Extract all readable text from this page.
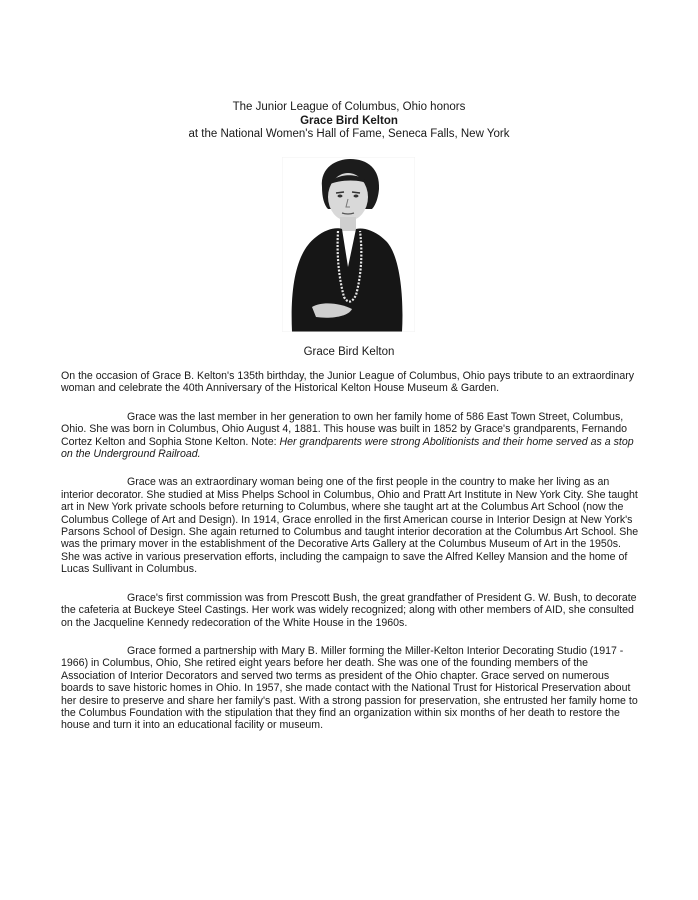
The Junior League of Columbus, Ohio honors
Grace Bird Kelton
at the National Women's Hall of Fame, Seneca Falls, New York
Grace Bird Kelton

On the occasion of Grace B. Kelton's 135th birthday, the Junior League of Columbus, Ohio pays tribute to an extraordinary woman and celebrate the 40th Anniversary of the Historical Kelton House Museum & Garden.

Grace was the last member in her generation to own her family home of 586 East Town Street, Columbus, Ohio. She was born in Columbus, Ohio August 4, 1881. This house was built in 1852 by Grace's grandparents, Fernando Cortez Kelton and Sophia Stone Kelton. Note: Her grandparents were strong Abolitionists and their home served as a stop on the Underground Railroad.

Grace was an extraordinary woman being one of the first people in the country to make her living as an interior decorator. She studied at Miss Phelps School in Columbus, Ohio and Pratt Art Institute in New York City. She taught art in New York private schools before returning to Columbus, where she taught art at the Columbus Art School (now the Columbus College of Art and Design). In 1914, Grace enrolled in the first American course in Interior Design at New York's Parsons School of Design. She again returned to Columbus and taught interior decoration at the Columbus Art School. She was the primary mover in the establishment of the Decorative Arts Gallery at the Columbus Museum of Art in the 1950s. She was active in various preservation efforts, including the campaign to save the Alfred Kelley Mansion and the home of Lucas Sullivant in Columbus.

Grace's first commission was from Prescott Bush, the great grandfather of President G. W. Bush, to decorate the cafeteria at Buckeye Steel Castings. Her work was widely recognized; along with other members of AID, she consulted on the Jacqueline Kennedy redecoration of the White House in the 1960s.

Grace formed a partnership with Mary B. Miller forming the Miller-Kelton Interior Decorating Studio (1917 - 1966) in Columbus, Ohio, She retired eight years before her death. She was one of the founding members of the Association of Interior Decorators and served two terms as president of the Ohio chapter. Grace served on numerous boards to save historic homes in Ohio. In 1957, she made contact with the National Trust for Historical Preservation about her desire to preserve and share her family's past. With a strong passion for preservation, she entrusted her family home to the Columbus Foundation with the stipulation that they find an organization within six months of her death to restore the house and turn it into an educational facility or museum.
